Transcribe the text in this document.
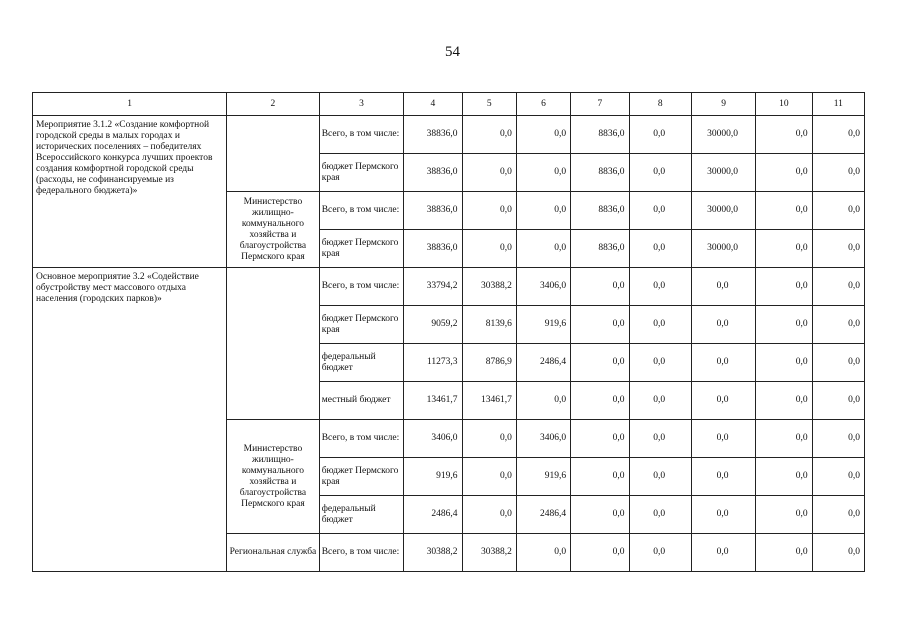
54
1	2	3	4	5	6	7	8	9	10	11
Мероприятие 3.1.2 «Создание комфортной городской среды в малых городах и исторических поселениях – победителях Всероссийского конкурса лучших проектов создания комфортной городской среды (расходы, не софинансируемые из федерального бюджета)»		Всего, в том числе:	38836,0	0,0	0,0	8836,0	0,0	30000,0	0,0	0,0
		бюджет Пермского края	38836,0	0,0	0,0	8836,0	0,0	30000,0	0,0	0,0
	Министерство жилищно-коммунального хозяйства и благоустройства Пермского края	Всего, в том числе:	38836,0	0,0	0,0	8836,0	0,0	30000,0	0,0	0,0
		бюджет Пермского края	38836,0	0,0	0,0	8836,0	0,0	30000,0	0,0	0,0
Основное мероприятие 3.2 «Содействие обустройству мест массового отдыха населения (городских парков)»		Всего, в том числе:	33794,2	30388,2	3406,0	0,0	0,0	0,0	0,0	0,0
		бюджет Пермского края	9059,2	8139,6	919,6	0,0	0,0	0,0	0,0	0,0
		федеральный бюджет	11273,3	8786,9	2486,4	0,0	0,0	0,0	0,0	0,0
		местный бюджет	13461,7	13461,7	0,0	0,0	0,0	0,0	0,0	0,0
	Министерство жилищно-коммунального хозяйства и благоустройства Пермского края	Всего, в том числе:	3406,0	0,0	3406,0	0,0	0,0	0,0	0,0	0,0
		бюджет Пермского края	919,6	0,0	919,6	0,0	0,0	0,0	0,0	0,0
		федеральный бюджет	2486,4	0,0	2486,4	0,0	0,0	0,0	0,0	0,0
	Региональная служба	Всего, в том числе:	30388,2	30388,2	0,0	0,0	0,0	0,0	0,0	0,0
